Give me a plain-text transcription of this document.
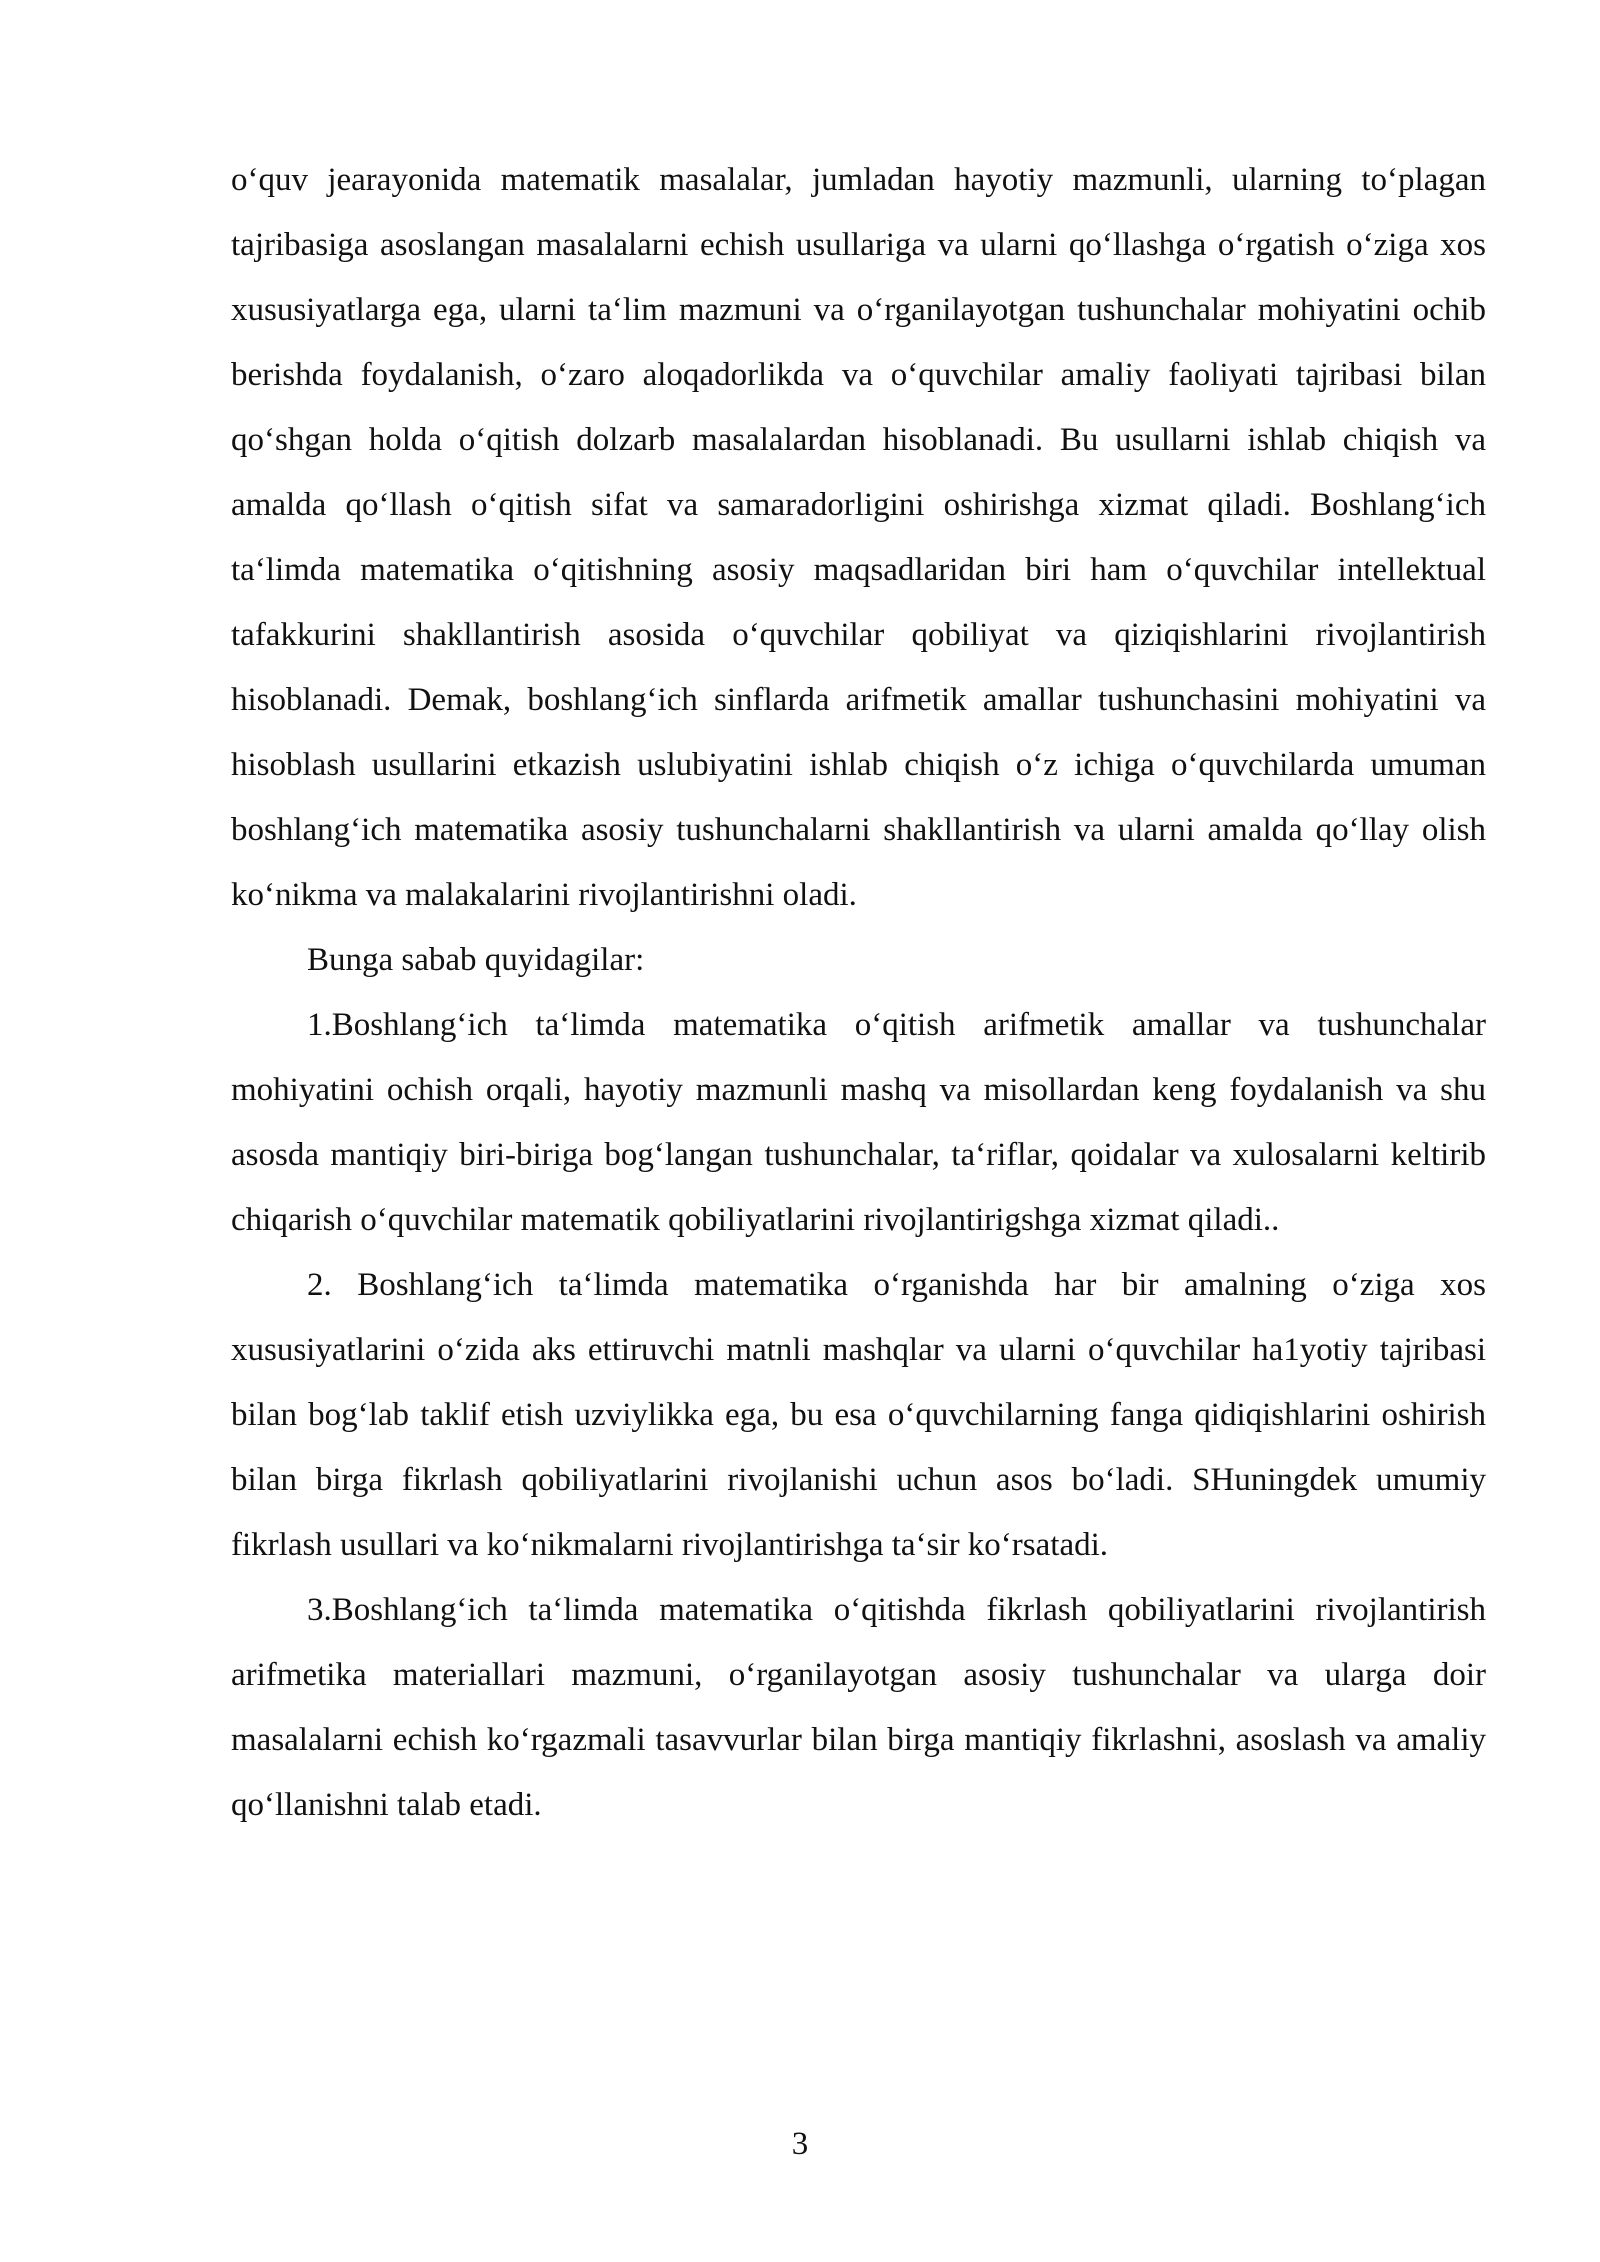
o‘quv jearayonida matematik masalalar, jumladan hayotiy mazmunli, ularning to‘plagan tajribasiga asoslangan masalalarni echish usullariga va ularni qo‘llashga o‘rgatish o‘ziga xos xususiyatlarga ega, ularni ta‘lim mazmuni va o‘rganilayotgan tushunchalar mohiyatini ochib berishda foydalanish, o‘zaro aloqadorlikda va o‘quvchilar amaliy faoliyati tajribasi bilan qo‘shgan holda o‘qitish dolzarb masalalardan hisoblanadi. Bu usullarni ishlab chiqish va amalda qo‘llash o‘qitish sifat va samaradorligini oshirishga xizmat qiladi. Boshlang‘ich ta‘limda matematika o‘qitishning asosiy maqsadlaridan biri ham o‘quvchilar intellektual tafakkurini shakllantirish asosida o‘quvchilar qobiliyat va qiziqishlarini rivojlantirish hisoblanadi. Demak, boshlang‘ich sinflarda arifmetik amallar tushunchasini mohiyatini va hisoblash usullarini etkazish uslubiyatini ishlab chiqish o‘z ichiga o‘quvchilarda umuman boshlang‘ich matematika asosiy tushunchalarni shakllantirish va ularni amalda qo‘llay olish ko‘nikma va malakalarini rivojlantirishni oladi.

Bunga sabab quyidagilar:

1.Boshlang‘ich ta‘limda matematika o‘qitish arifmetik amallar va tushunchalar mohiyatini ochish orqali, hayotiy mazmunli mashq va misollardan keng foydalanish va shu asosda mantiqiy biri-biriga bog‘langan tushunchalar, ta‘riflar, qoidalar va xulosalarni keltirib chiqarish o‘quvchilar matematik qobiliyatlarini rivojlantirigshga xizmat qiladi..

2. Boshlang‘ich ta‘limda matematika o‘rganishda har bir amalning o‘ziga xos xususiyatlarini o‘zida aks ettiruvchi matnli mashqlar va ularni o‘quvchilar ha1yotiy tajribasi bilan bog‘lab taklif etish uzviylikka ega, bu esa o‘quvchilarning fanga qidiqishlarini oshirish bilan birga fikrlash qobiliyatlarini rivojlanishi uchun asos bo‘ladi. SHuningdek umumiy fikrlash usullari va ko‘nikmalarni rivojlantirishga ta‘sir ko‘rsatadi.

3.Boshlang‘ich ta‘limda matematika o‘qitishda fikrlash qobiliyatlarini rivojlantirish arifmetika materiallari mazmuni, o‘rganilayotgan asosiy tushunchalar va ularga doir masalalarni echish ko‘rgazmali tasavvurlar bilan birga mantiqiy fikrlashni, asoslash va amaliy qo‘llanishni talab etadi.

3
